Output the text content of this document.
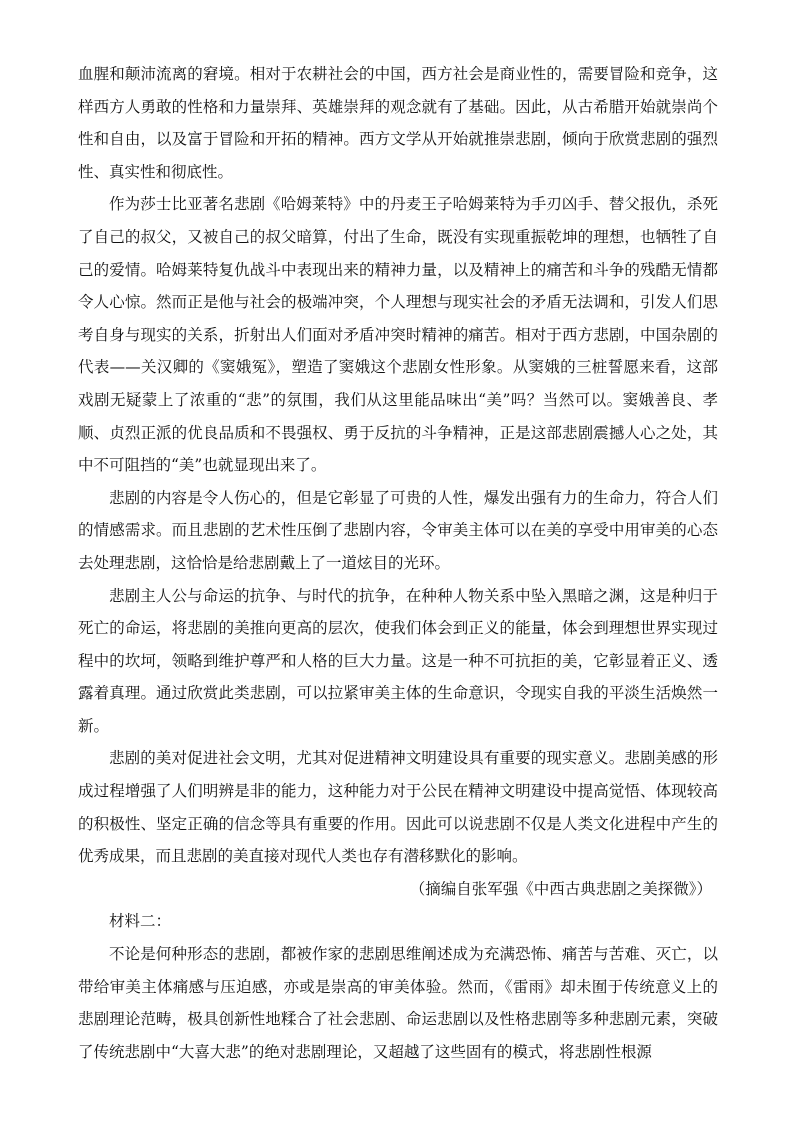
血腥和颠沛流离的窘境。相对于农耕社会的中国，西方社会是商业性的，需要冒险和竞争，这样西方人勇敢的性格和力量崇拜、英雄崇拜的观念就有了基础。因此，从古希腊开始就崇尚个性和自由，以及富于冒险和开拓的精神。西方文学从开始就推崇悲剧，倾向于欣赏悲剧的强烈性、真实性和彻底性。

作为莎士比亚著名悲剧《哈姆莱特》中的丹麦王子哈姆莱特为手刃凶手、替父报仇，杀死了自己的叔父，又被自己的叔父暗算，付出了生命，既没有实现重振乾坤的理想，也牺牲了自己的爱情。哈姆莱特复仇战斗中表现出来的精神力量，以及精神上的痛苦和斗争的残酷无情都令人心惊。然而正是他与社会的极端冲突，个人理想与现实社会的矛盾无法调和，引发人们思考自身与现实的关系，折射出人们面对矛盾冲突时精神的痛苦。相对于西方悲剧，中国杂剧的代表——关汉卿的《窦娥冤》，塑造了窦娥这个悲剧女性形象。从窦娥的三桩誓愿来看，这部戏剧无疑蒙上了浓重的“悲”的氛围，我们从这里能品味出“美”吗？当然可以。窦娥善良、孝顺、贞烈正派的优良品质和不畏强权、勇于反抗的斗争精神，正是这部悲剧震撼人心之处，其中不可阻挡的“美”也就显现出来了。

悲剧的内容是令人伤心的，但是它彰显了可贵的人性，爆发出强有力的生命力，符合人们的情感需求。而且悲剧的艺术性压倒了悲剧内容，令审美主体可以在美的享受中用审美的心态去处理悲剧，这恰恰是给悲剧戴上了一道炫目的光环。

悲剧主人公与命运的抗争、与时代的抗争，在种种人物关系中坠入黑暗之渊，这是种归于死亡的命运，将悲剧的美推向更高的层次，使我们体会到正义的能量，体会到理想世界实现过程中的坎坷，领略到维护尊严和人格的巨大力量。这是一种不可抗拒的美，它彰显着正义、透露着真理。通过欣赏此类悲剧，可以拉紧审美主体的生命意识，令现实自我的平淡生活焕然一新。

悲剧的美对促进社会文明，尤其对促进精神文明建设具有重要的现实意义。悲剧美感的形成过程增强了人们明辨是非的能力，这种能力对于公民在精神文明建设中提高觉悟、体现较高的积极性、坚定正确的信念等具有重要的作用。因此可以说悲剧不仅是人类文化进程中产生的优秀成果，而且悲剧的美直接对现代人类也存有潜移默化的影响。

（摘编自张军强《中西古典悲剧之美探微》）

材料二：

不论是何种形态的悲剧，都被作家的悲剧思维阐述成为充满恐怖、痛苦与苦难、灭亡，以带给审美主体痛感与压迫感，亦或是崇高的审美体验。然而，《雷雨》却未囿于传统意义上的悲剧理论范畴，极具创新性地糅合了社会悲剧、命运悲剧以及性格悲剧等多种悲剧元素，突破了传统悲剧中“大喜大悲”的绝对悲剧理论，又超越了这些固有的模式，将悲剧性根源
